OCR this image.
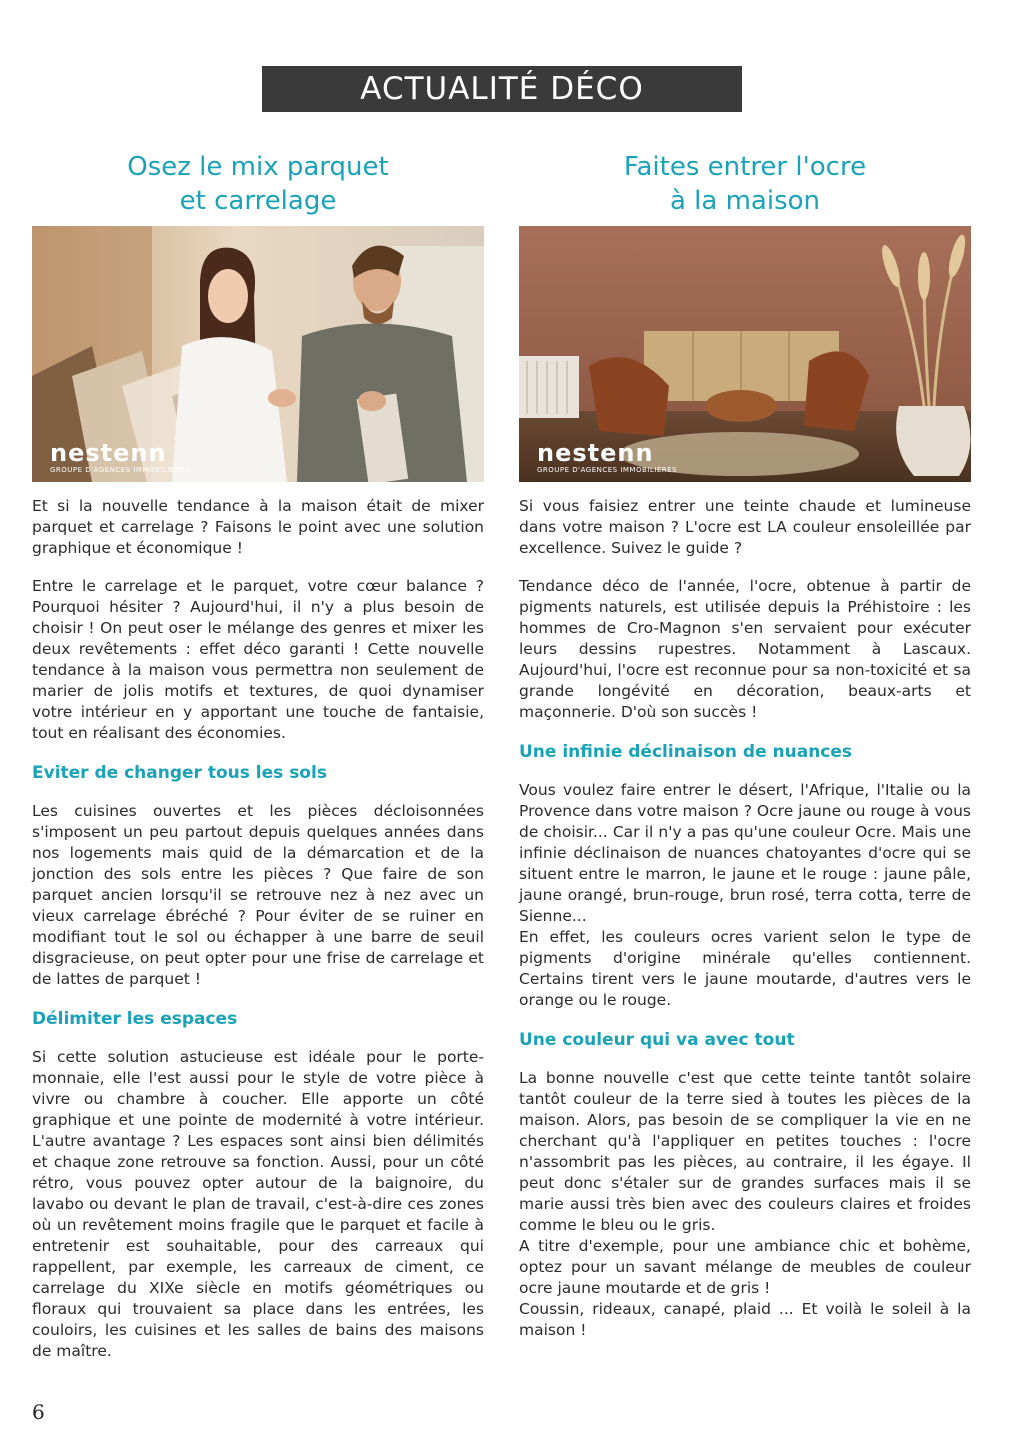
ACTUALITÉ DÉCO
Osez le mix parquet
et carrelage
nestenn
GROUPE D'AGENCES IMMOBILIÈRES

Et si la nouvelle tendance à la maison était de mixer parquet et carrelage ? Faisons le point avec une solution graphique et économique !

Entre le carrelage et le parquet, votre cœur balance ? Pourquoi hésiter ? Aujourd'hui, il n'y a plus besoin de choisir ! On peut oser le mélange des genres et mixer les deux revêtements : effet déco garanti ! Cette nouvelle tendance à la maison vous permettra non seulement de marier de jolis motifs et textures, de quoi dynamiser votre intérieur en y apportant une touche de fantaisie, tout en réalisant des économies.

Eviter de changer tous les sols

Les cuisines ouvertes et les pièces décloisonnées s'imposent un peu partout depuis quelques années dans nos logements mais quid de la démarcation et de la jonction des sols entre les pièces ? Que faire de son parquet ancien lorsqu'il se retrouve nez à nez avec un vieux carrelage ébréché ? Pour éviter de se ruiner en modifiant tout le sol ou échapper à une barre de seuil disgracieuse, on peut opter pour une frise de carrelage et de lattes de parquet !

Délimiter les espaces

Si cette solution astucieuse est idéale pour le porte-monnaie, elle l'est aussi pour le style de votre pièce à vivre ou chambre à coucher. Elle apporte un côté graphique et une pointe de modernité à votre intérieur. L'autre avantage ? Les espaces sont ainsi bien délimités et chaque zone retrouve sa fonction. Aussi, pour un côté rétro, vous pouvez opter autour de la baignoire, du lavabo ou devant le plan de travail, c'est-à-dire ces zones où un revêtement moins fragile que le parquet et facile à entretenir est souhaitable, pour des carreaux qui rappellent, par exemple, les carreaux de ciment, ce carrelage du XIXe siècle en motifs géométriques ou floraux qui trouvaient sa place dans les entrées, les couloirs, les cuisines et les salles de bains des maisons de maître.

Faites entrer l'ocre
à la maison
nestenn
GROUPE D'AGENCES IMMOBILIÈRES

Si vous faisiez entrer une teinte chaude et lumineuse dans votre maison ? L'ocre est LA couleur ensoleillée par excellence. Suivez le guide ?

Tendance déco de l'année, l'ocre, obtenue à partir de pigments naturels, est utilisée depuis la Préhistoire : les hommes de Cro-Magnon s'en servaient pour exécuter leurs dessins rupestres. Notamment à Lascaux. Aujourd'hui, l'ocre est reconnue pour sa non-toxicité et sa grande longévité en décoration, beaux-arts et maçonnerie. D'où son succès !

Une infinie déclinaison de nuances

Vous voulez faire entrer le désert, l'Afrique, l'Italie ou la Provence dans votre maison ? Ocre jaune ou rouge à vous de choisir... Car il n'y a pas qu'une couleur Ocre. Mais une infinie déclinaison de nuances chatoyantes d'ocre qui se situent entre le marron, le jaune et le rouge : jaune pâle, jaune orangé, brun-rouge, brun rosé, terra cotta, terre de Sienne...

En effet, les couleurs ocres varient selon le type de pigments d'origine minérale qu'elles contiennent. Certains tirent vers le jaune moutarde, d'autres vers le orange ou le rouge.

Une couleur qui va avec tout

La bonne nouvelle c'est que cette teinte tantôt solaire tantôt couleur de la terre sied à toutes les pièces de la maison. Alors, pas besoin de se compliquer la vie en ne cherchant qu'à l'appliquer en petites touches : l'ocre n'assombrit pas les pièces, au contraire, il les égaye. Il peut donc s'étaler sur de grandes surfaces mais il se marie aussi très bien avec des couleurs claires et froides comme le bleu ou le gris.

A titre d'exemple, pour une ambiance chic et bohème, optez pour un savant mélange de meubles de couleur ocre jaune moutarde et de gris !

Coussin, rideaux, canapé, plaid ... Et voilà le soleil à la maison !

6
